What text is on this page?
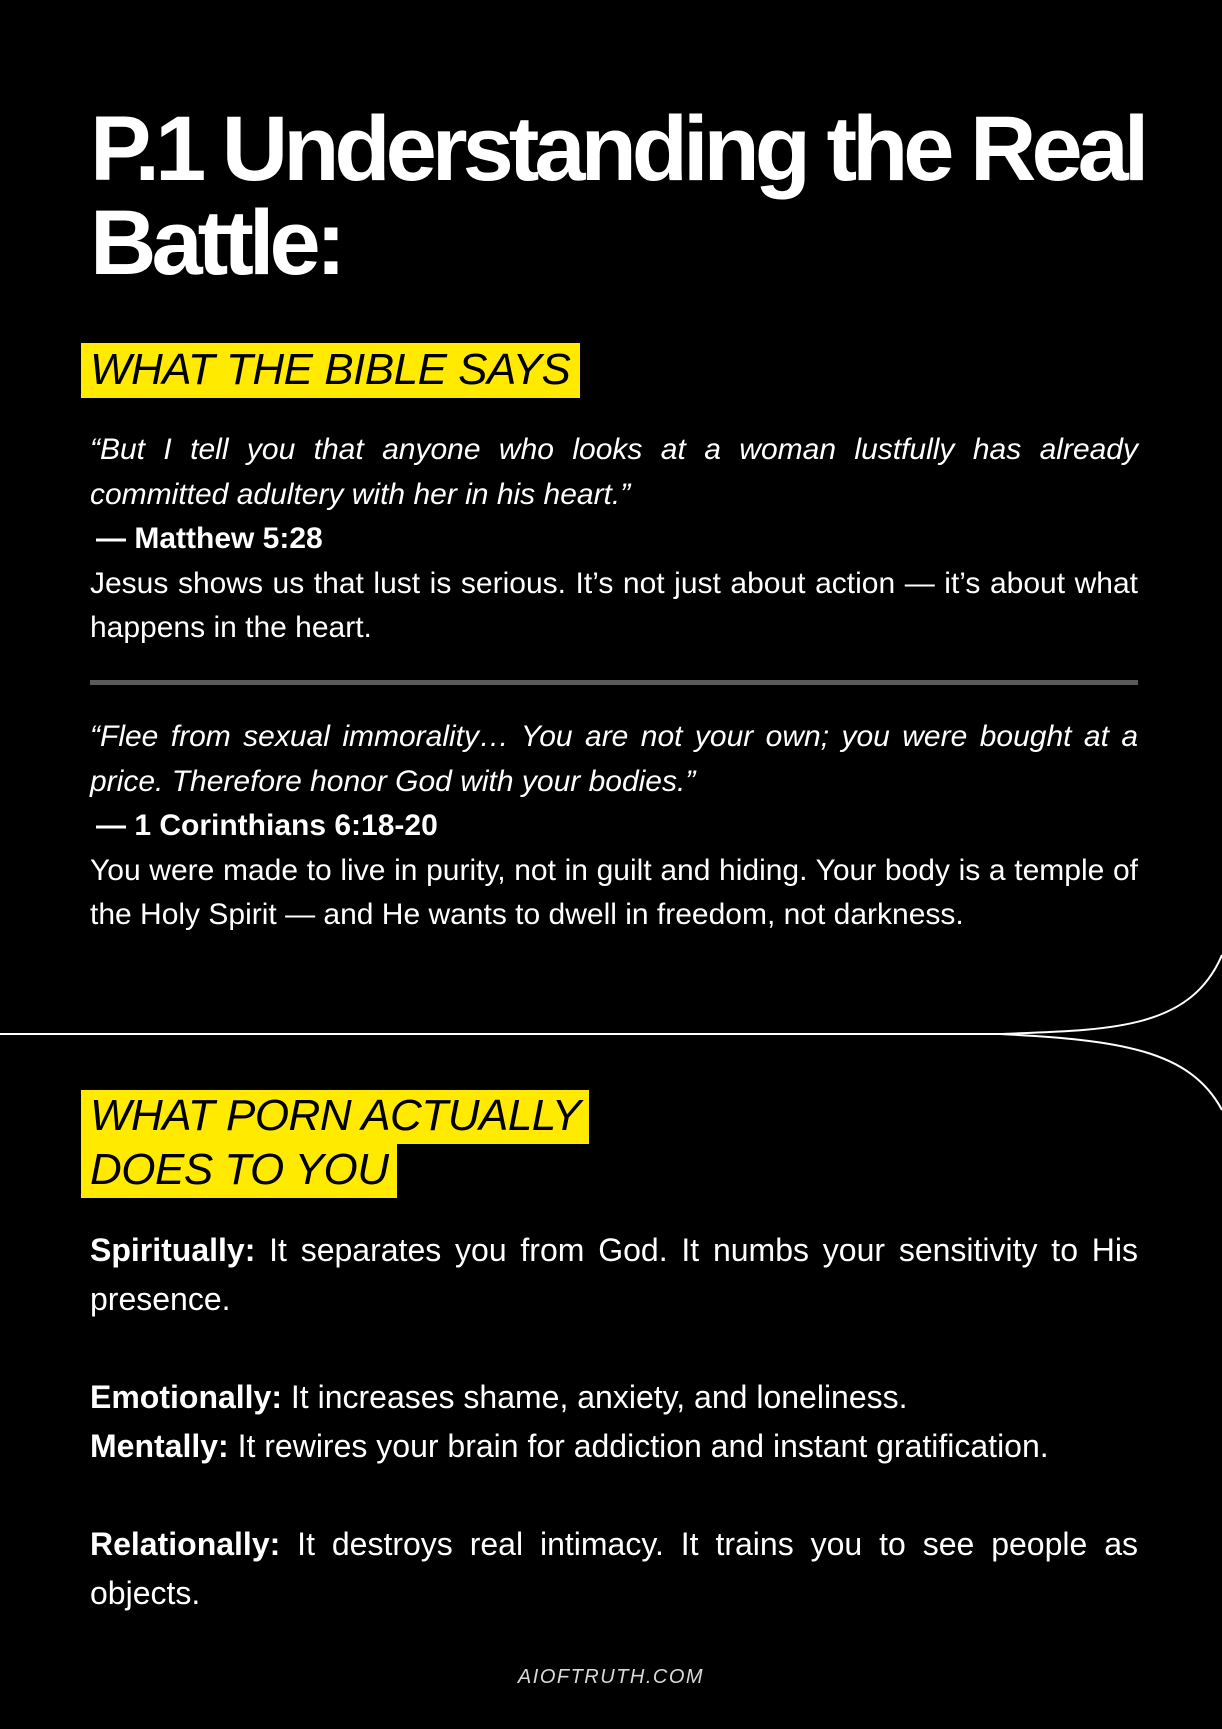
P.1 Understanding the Real Battle:
WHAT THE BIBLE SAYS
“But I tell you that anyone who looks at a woman lustfully has already committed adultery with her in his heart.”
— Matthew 5:28
Jesus shows us that lust is serious. It’s not just about action — it’s about what happens in the heart.
“Flee from sexual immorality… You are not your own; you were bought at a price. Therefore honor God with your bodies.”
— 1 Corinthians 6:18-20
You were made to live in purity, not in guilt and hiding. Your body is a temple of the Holy Spirit — and He wants to dwell in freedom, not darkness.
WHAT PORN ACTUALLY
DOES TO YOU

Spiritually: It separates you from God. It numbs your sensitivity to His presence.

Emotionally: It increases shame, anxiety, and loneliness.

Mentally: It rewires your brain for addiction and instant gratification.

Relationally: It destroys real intimacy. It trains you to see people as objects.

AIOFTRUTH.COM
